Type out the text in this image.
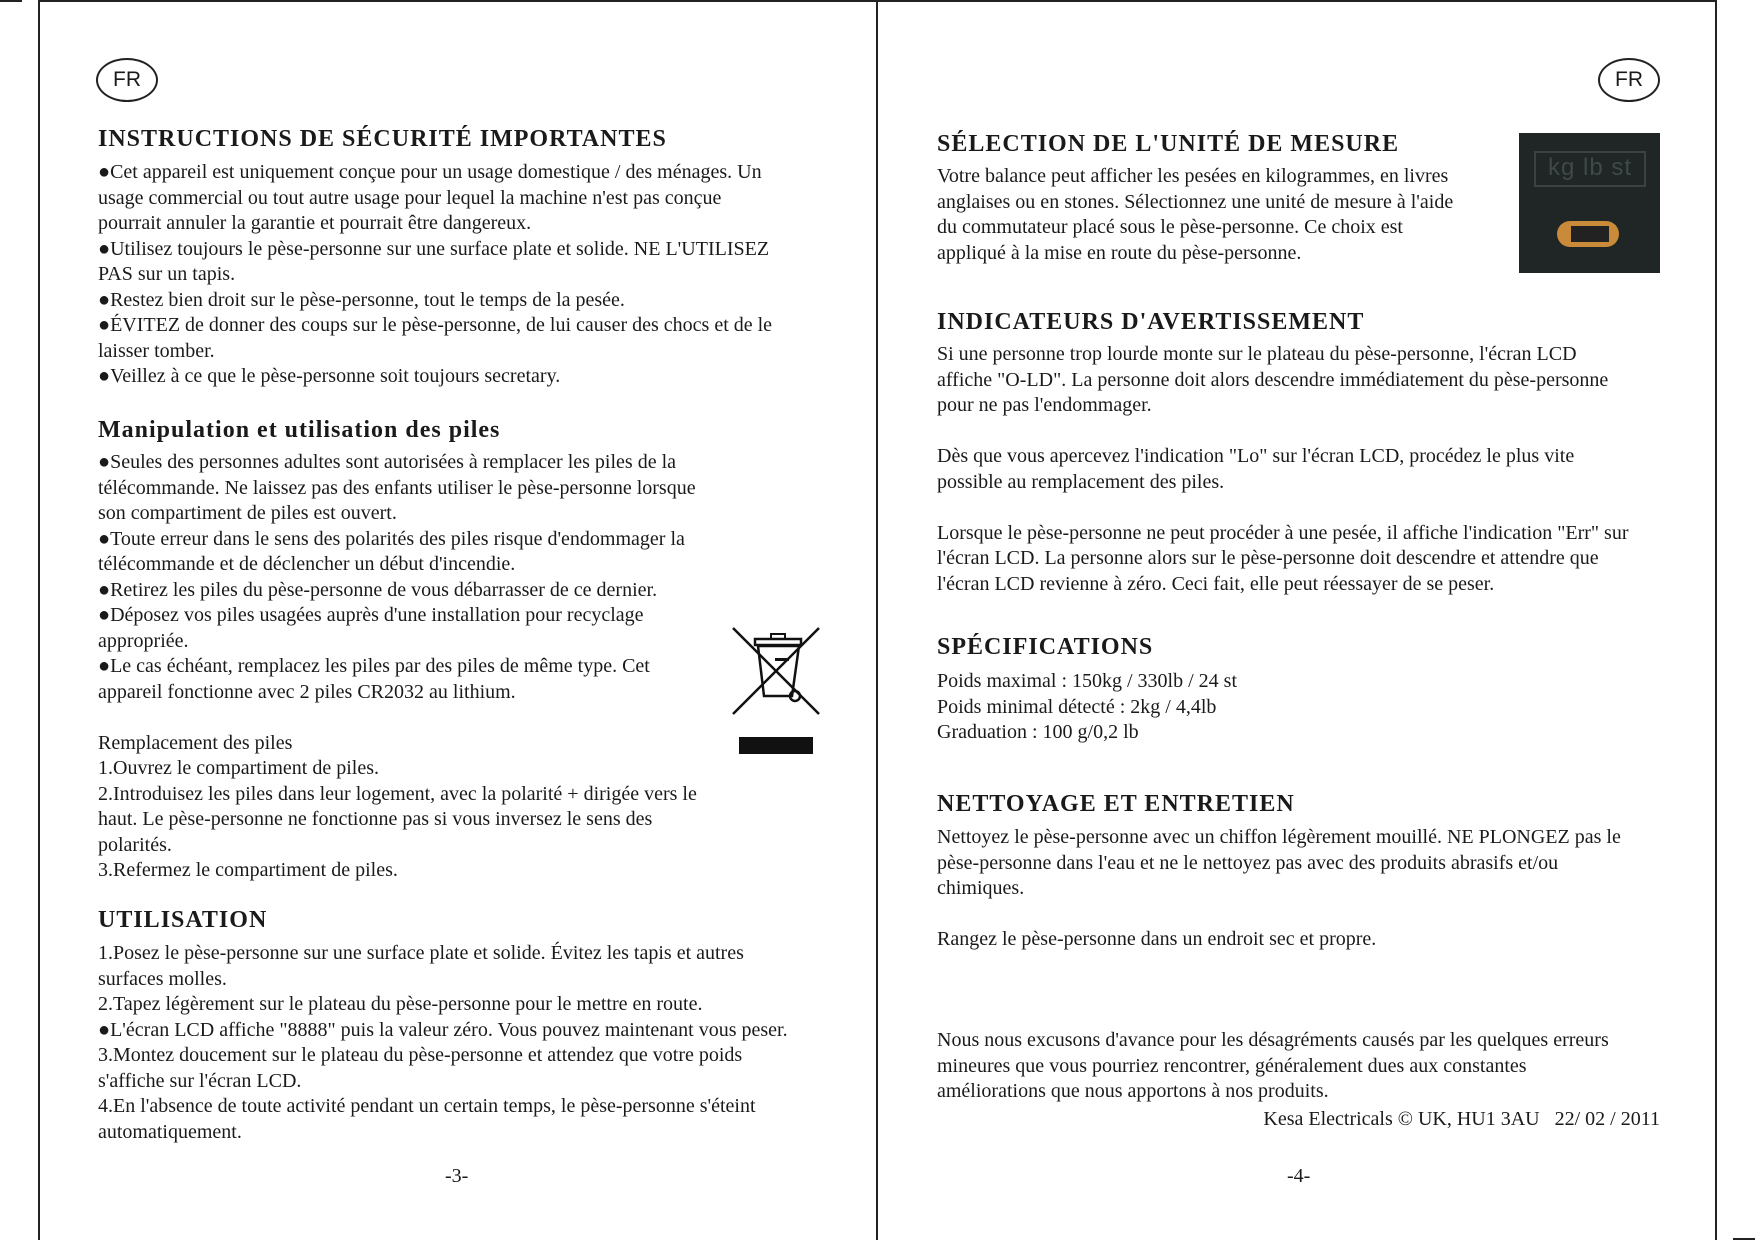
FR
INSTRUCTIONS DE SÉCURITÉ IMPORTANTES
●Cet appareil est uniquement conçue pour un usage domestique / des ménages. Un
usage commercial ou tout autre usage pour lequel la machine n'est pas conçue
pourrait annuler la garantie et pourrait être dangereux.
●Utilisez toujours le pèse-personne sur une surface plate et solide. NE L'UTILISEZ
PAS sur un tapis.
●Restez bien droit sur le pèse-personne, tout le temps de la pesée.
●ÉVITEZ de donner des coups sur le pèse-personne, de lui causer des chocs et de le
laisser tomber.
●Veillez à ce que le pèse-personne soit toujours secretary.
Manipulation et utilisation des piles
●Seules des personnes adultes sont autorisées à remplacer les piles de la
télécommande. Ne laissez pas des enfants utiliser le pèse-personne lorsque
son compartiment de piles est ouvert.
●Toute erreur dans le sens des polarités des piles risque d'endommager la
télécommande et de déclencher un début d'incendie.
●Retirez les piles du pèse-personne de vous débarrasser de ce dernier.
●Déposez vos piles usagées auprès d'une installation pour recyclage
appropriée.
●Le cas échéant, remplacez les piles par des piles de même type. Cet
appareil fonctionne avec 2 piles CR2032 au lithium.
Remplacement des piles
1.Ouvrez le compartiment de piles.
2.Introduisez les piles dans leur logement, avec la polarité + dirigée vers le
haut. Le pèse-personne ne fonctionne pas si vous inversez le sens des
polarités.
3.Refermez le compartiment de piles.
UTILISATION
1.Posez le pèse-personne sur une surface plate et solide. Évitez les tapis et autres
surfaces molles.
2.Tapez légèrement sur le plateau du pèse-personne pour le mettre en route.
●L'écran LCD affiche "8888" puis la valeur zéro. Vous pouvez maintenant vous peser.
3.Montez doucement sur le plateau du pèse-personne et attendez que votre poids
s'affiche sur l'écran LCD.
4.En l'absence de toute activité pendant un certain temps, le pèse-personne s'éteint
automatiquement.
-3-
FR
SÉLECTION DE L'UNITÉ DE MESURE
Votre balance peut afficher les pesées en kilogrammes, en livres
anglaises ou en stones. Sélectionnez une unité de mesure à l'aide
du commutateur placé sous le pèse-personne. Ce choix est
appliqué à la mise en route du pèse-personne.
kg lb st
INDICATEURS D'AVERTISSEMENT
Si une personne trop lourde monte sur le plateau du pèse-personne, l'écran LCD
affiche "O-LD". La personne doit alors descendre immédiatement du pèse-personne
pour ne pas l'endommager.
Dès que vous apercevez l'indication "Lo" sur l'écran LCD, procédez le plus vite
possible au remplacement des piles.
Lorsque le pèse-personne ne peut procéder à une pesée, il affiche l'indication "Err" sur
l'écran LCD. La personne alors sur le pèse-personne doit descendre et attendre que
l'écran LCD revienne à zéro. Ceci fait, elle peut réessayer de se peser.
SPÉCIFICATIONS
Poids maximal : 150kg / 330lb / 24 st
Poids minimal détecté : 2kg / 4,4lb
Graduation : 100 g/0,2 lb
NETTOYAGE ET ENTRETIEN
Nettoyez le pèse-personne avec un chiffon légèrement mouillé. NE PLONGEZ pas le
pèse-personne dans l'eau et ne le nettoyez pas avec des produits abrasifs et/ou
chimiques.
Rangez le pèse-personne dans un endroit sec et propre.
Nous nous excusons d'avance pour les désagréments causés par les quelques erreurs
mineures que vous pourriez rencontrer, généralement dues aux constantes
améliorations que nous apportons à nos produits.
Kesa Electricals © UK, HU1 3AU   22/ 02 / 2011
-4-
